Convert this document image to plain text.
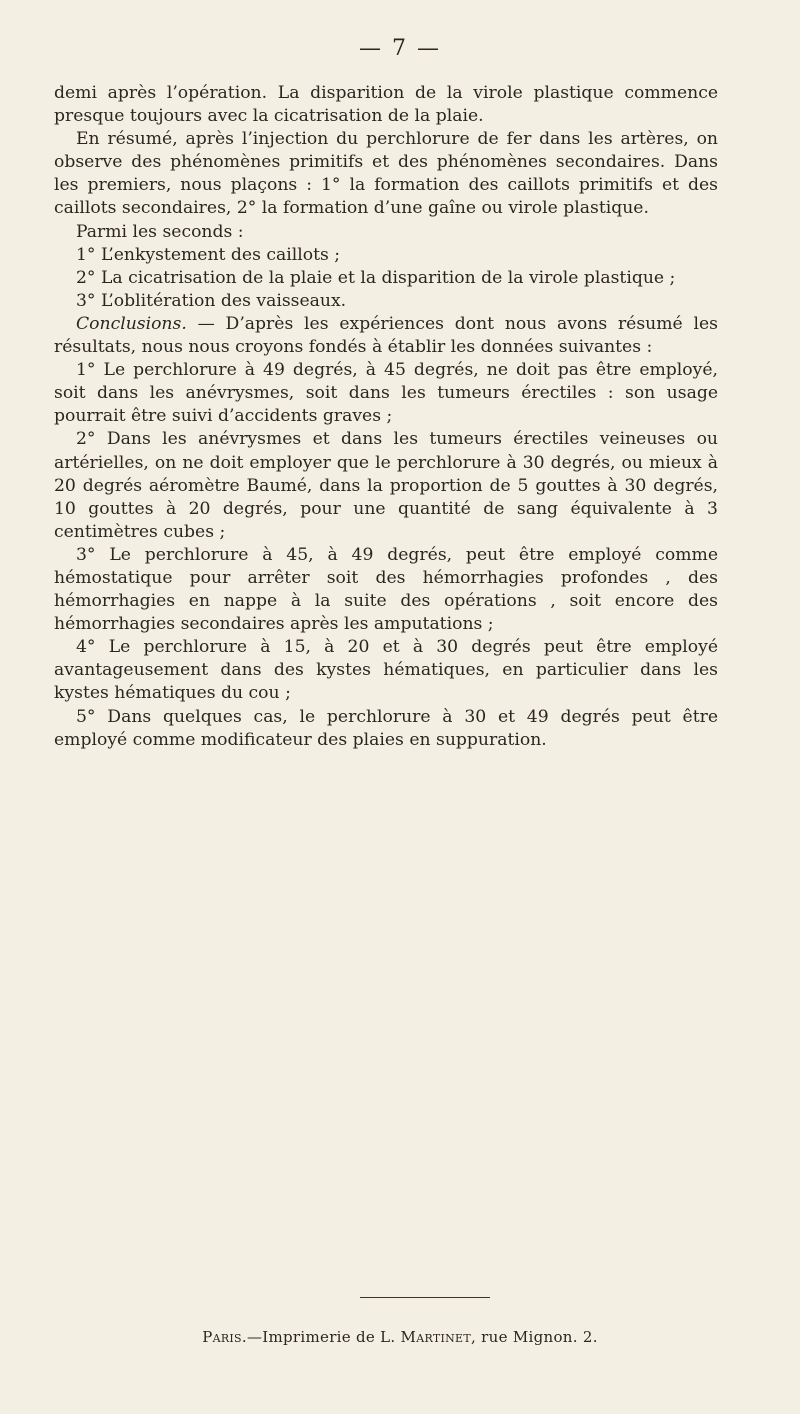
— 7 —

demi après l’opération. La disparition de la virole plastique commence presque toujours avec la cicatrisation de la plaie.

En résumé, après l’injection du perchlorure de fer dans les artères, on observe des phénomènes primitifs et des phénomènes secondaires. Dans les premiers, nous plaçons : 1° la formation des caillots primitifs et des caillots secondaires, 2° la formation d’une gaîne ou virole plastique.

Parmi les seconds :

1° L’enkystement des caillots ;

2° La cicatrisation de la plaie et la disparition de la virole plastique ;

3° L’oblitération des vaisseaux.

Conclusions. — D’après les expériences dont nous avons résumé les résultats, nous nous croyons fondés à établir les données suivantes :

1° Le perchlorure à 49 degrés, à 45 degrés, ne doit pas être employé, soit dans les anévrysmes, soit dans les tumeurs érectiles : son usage pourrait être suivi d’accidents graves ;

2° Dans les anévrysmes et dans les tumeurs érectiles veineuses ou artérielles, on ne doit employer que le perchlorure à 30 degrés, ou mieux à 20 degrés aéromètre Baumé, dans la proportion de 5 gouttes à 30 degrés, 10 gouttes à 20 degrés, pour une quantité de sang équivalente à 3 centimètres cubes ;

3° Le perchlorure à 45, à 49 degrés, peut être employé comme hémostatique pour arrêter soit des hémorrhagies profondes , des hémorrhagies en nappe à la suite des opérations , soit encore des hémorrhagies secondaires après les amputations ;

4° Le perchlorure à 15, à 20 et à 30 degrés peut être employé avantageusement dans des kystes hématiques, en particulier dans les kystes hématiques du cou ;

5° Dans quelques cas, le perchlorure à 30 et 49 degrés peut être employé comme modificateur des plaies en suppuration.

Paris.—Imprimerie de L. Martinet, rue Mignon. 2.
